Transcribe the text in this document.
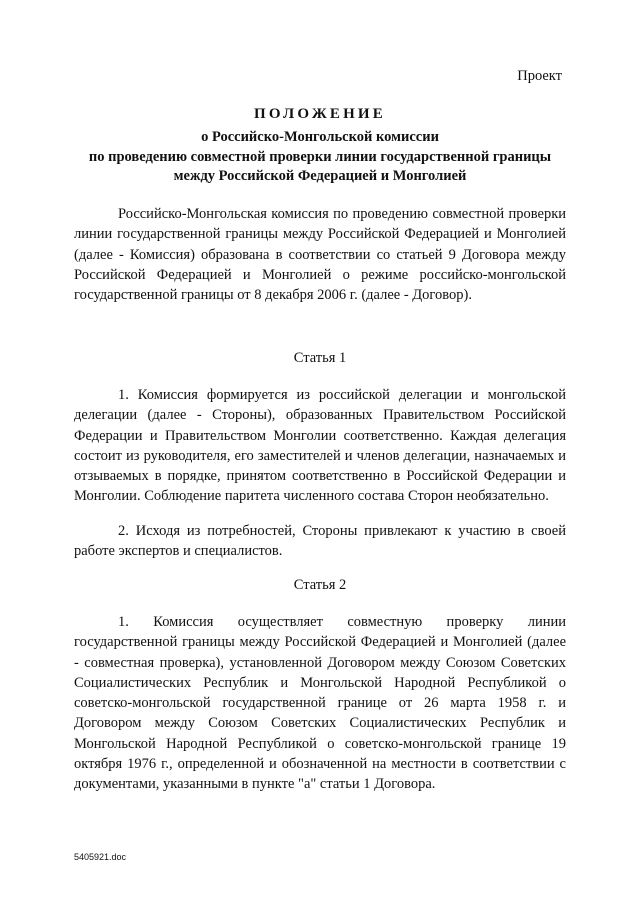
Проект
ПОЛОЖЕНИЕ
о Российско-Монгольской комиссии
по проведению совместной проверки линии государственной границы
между Российской Федерацией и Монголией

Российско-Монгольская комиссия по проведению совместной проверки линии государственной границы между Российской Федерацией и Монголией (далее - Комиссия) образована в соответствии со статьей 9 Договора между Российской Федерацией и Монголией о режиме российско-монгольской государственной границы от 8 декабря 2006 г. (далее - Договор).

Статья 1

1. Комиссия формируется из российской делегации и монгольской делегации (далее - Стороны), образованных Правительством Российской Федерации и Правительством Монголии соответственно. Каждая делегация состоит из руководителя, его заместителей и членов делегации, назначаемых и отзываемых в порядке, принятом соответственно в Российской Федерации и Монголии. Соблюдение паритета численного состава Сторон необязательно.

2. Исходя из потребностей, Стороны привлекают к участию в своей работе экспертов и специалистов.

Статья 2

1. Комиссия осуществляет совместную проверку линии государственной границы между Российской Федерацией и Монголией (далее - совместная проверка), установленной Договором между Союзом Советских Социалистических Республик и Монгольской Народной Республикой о советско-монгольской государственной границе от 26 марта 1958 г. и Договором между Союзом Советских Социалистических Республик и Монгольской Народной Республикой о советско-монгольской границе 19 октября 1976 г., определенной и обозначенной на местности в соответствии с документами, указанными в пункте "а" статьи 1 Договора.

5405921.doc
